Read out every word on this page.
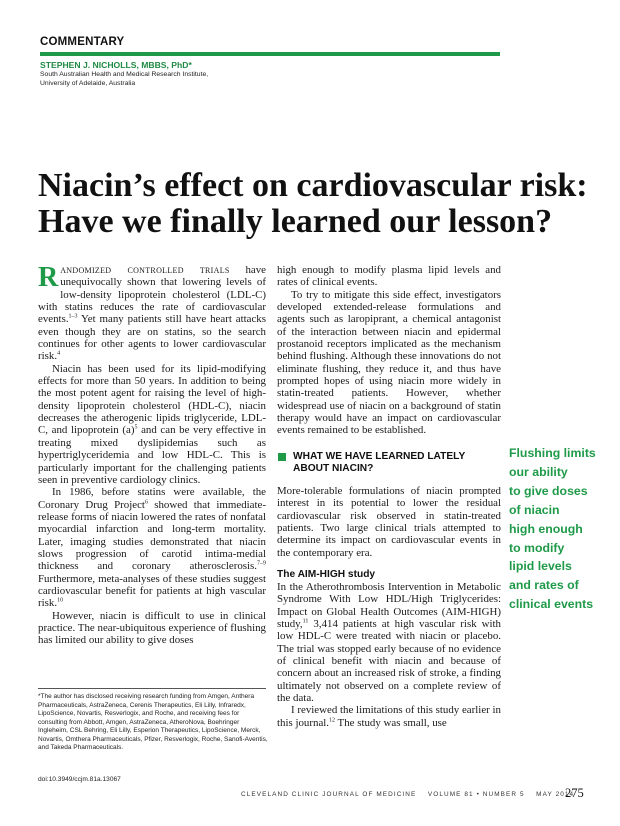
COMMENTARY
STEPHEN J. NICHOLLS, MBBS, PhD*
South Australian Health and Medical Research Institute,
University of Adelaide, Australia
Niacin’s effect on cardiovascular risk:
Have we finally learned our lesson?

Randomized controlled trials have unequivocally shown that lowering levels of low-density lipoprotein cholesterol (LDL-C) with statins reduces the rate of cardiovascular events.$^{1-3}$ Yet many patients still have heart attacks even though they are on statins, so the search continues for other agents to lower cardiovascular risk.$^4$

Niacin has been used for its lipid-modifying effects for more than 50 years. In addition to being the most potent agent for raising the level of high-density lipoprotein cholesterol (HDL-C), niacin decreases the atherogenic lipids triglyceride, LDL-C, and lipoprotein $(a)^5$ and can be very effective in treating mixed dyslipidemias such as hypertriglyceridemia and low HDL-C. This is particularly important for the challenging patients seen in preventive cardiology clinics.

In 1986, before statins were available, the Coronary Drug Project$^6$ showed that immediate-release forms of niacin lowered the rates of nonfatal myocardial infarction and long-term mortality. Later, imaging studies demonstrated that niacin slows progression of carotid intima-medial thickness and coronary atherosclerosis.$^{7-9}$ Furthermore, meta-analyses of these studies suggest cardiovascular benefit for patients at high vascular risk.$^{10}$

However, niacin is difficult to use in clinical practice. The near-ubiquitous experience of flushing has limited our ability to give doses

high enough to modify plasma lipid levels and rates of clinical events.

To try to mitigate this side effect, investigators developed extended-release formulations and agents such as laropiprant, a chemical antagonist of the interaction between niacin and epidermal prostanoid receptors implicated as the mechanism behind flushing. Although these innovations do not eliminate flushing, they reduce it, and thus have prompted hopes of using niacin more widely in statin-treated patients. However, whether widespread use of niacin on a background of statin therapy would have an impact on cardiovascular events remained to be established.

WHAT WE HAVE LEARNED LATELY
ABOUT NIACIN?

More-tolerable formulations of niacin prompted interest in its potential to lower the residual cardiovascular risk observed in statin-treated patients. Two large clinical trials attempted to determine its impact on cardiovascular events in the contemporary era.

The AIM-HIGH study

In the Atherothrombosis Intervention in Metabolic Syndrome With Low HDL/High Triglycerides: Impact on Global Health Outcomes (AIM-HIGH) study,$^{11}$ 3,414 patients at high vascular risk with low HDL-C were treated with niacin or placebo. The trial was stopped early because of no evidence of clinical benefit with niacin and because of concern about an increased risk of stroke, a finding ultimately not observed on a complete review of the data.

I reviewed the limitations of this study earlier in this journal.$^{12}$ The study was small, use

Flushing limits
our ability
to give doses
of niacin
high enough
to modify
lipid levels
and rates of
clinical events
*The author has disclosed receiving research funding from Amgen, Anthera Pharmaceuticals, AstraZeneca, Cerenis Therapeutics, Eli Lilly, Infraredx, LipoScience, Novartis, Resverlogix, and Roche, and receiving fees for consulting from Abbott, Amgen, AstraZeneca, AtheroNova, Boehringer Ingleheim, CSL Behring, Eli Lilly, Esperion Therapeutics, LipoScience, Merck, Novartis, Omthera Pharmaceuticals, Pfizer, Resverlogix, Roche, Sanofi-Aventis, and Takeda Pharmaceuticals.
doi:10.3949/ccjm.81a.13067
CLEVELAND CLINIC JOURNAL OF MEDICINE VOLUME 81 • NUMBER 5 MAY 2014
275
